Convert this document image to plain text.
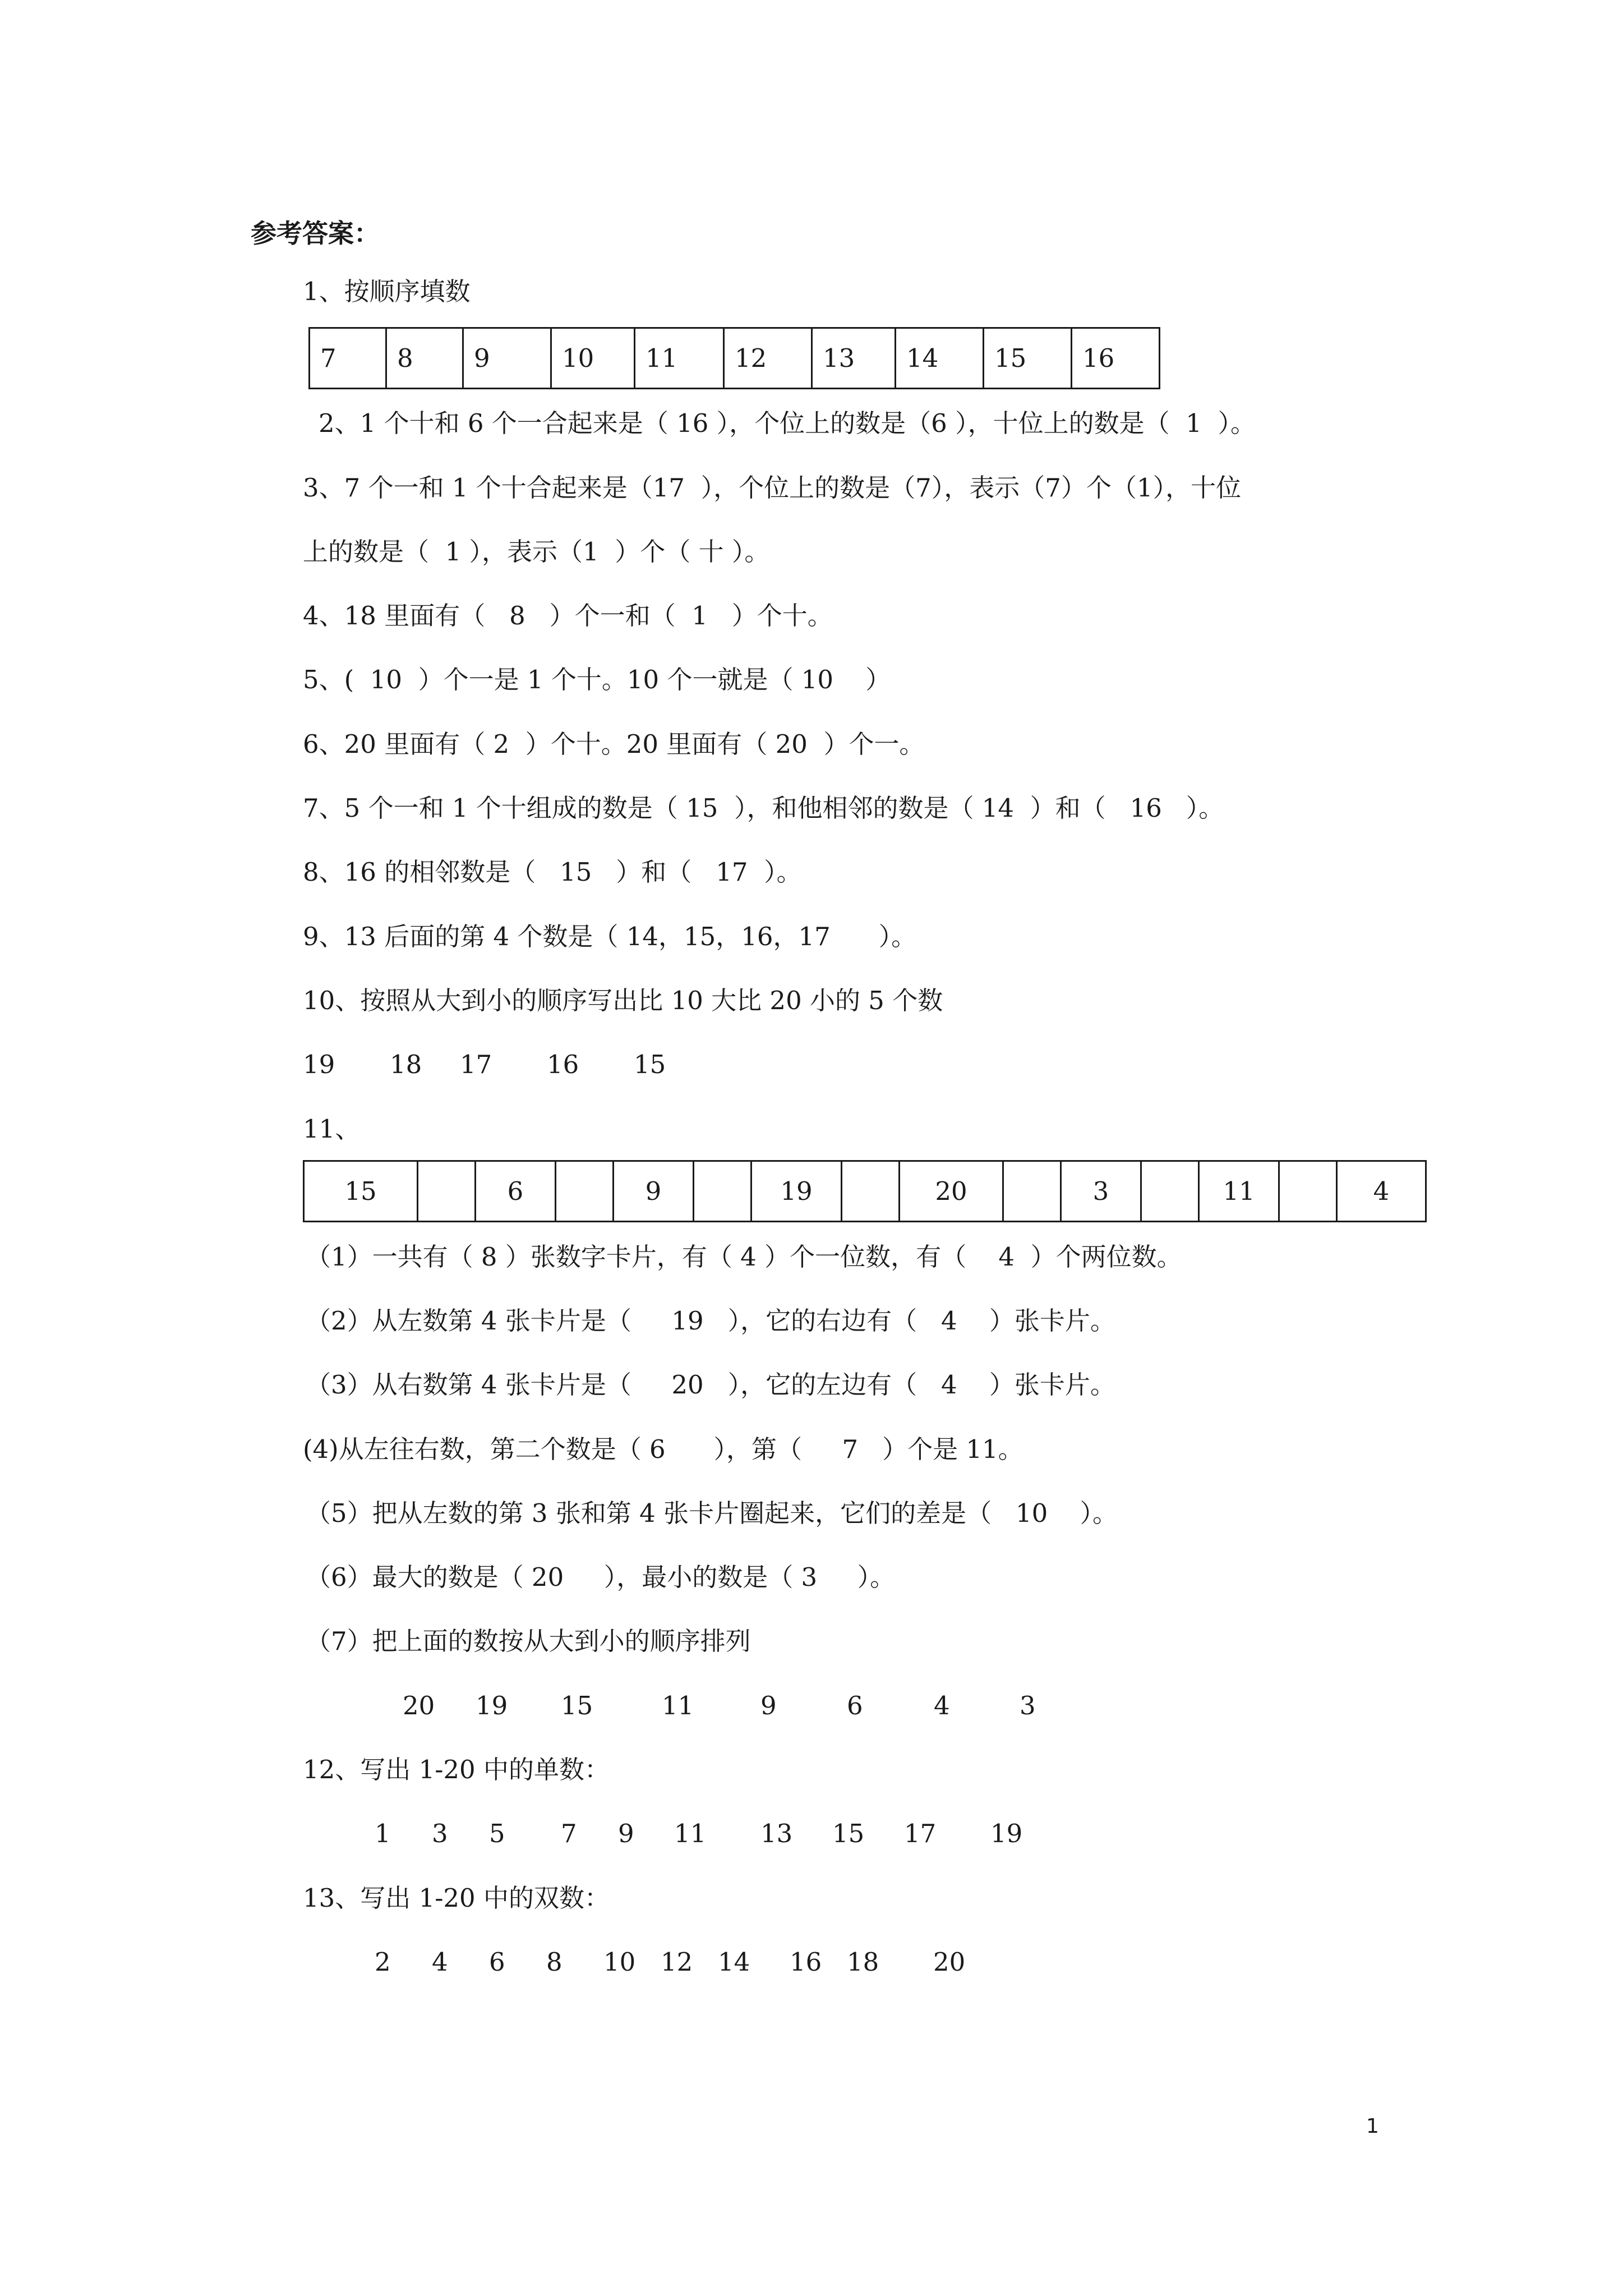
参考答案：
1、按顺序填数
7	8	9	10	11	12	13	14	15	16
2、1 个十和 6 个一合起来是（ 16 ），个位上的数是（6 ），十位上的数是（  1  ）。
3、7 个一和 1 个十合起来是（17  ），个位上的数是（7），表示（7）个（1），十位
上的数是（  1 ），表示（1  ）个（ 十 ）。
4、18 里面有（   8   ）个一和（  1   ）个十。
5、(  10  ）个一是 1 个十。10 个一就是（ 10    ）
6、20 里面有（ 2  ）个十。20 里面有（ 20  ）个一。
7、5 个一和 1 个十组成的数是（ 15  ），和他相邻的数是（ 14  ）和（   16   ）。
8、16 的相邻数是（   15   ）和（   17  ）。
9、13 后面的第 4 个数是（ 14，15，16，17      ）。
10、按照从大到小的顺序写出比 10 大比 20 小的 5 个数
19 18 17 16 15
11、
15		6		9		19		20		3		11		4
（1）一共有（ 8 ）张数字卡片，有（ 4 ）个一位数，有（    4  ）个两位数。
（2）从左数第 4 张卡片是（     19   ），它的右边有（   4    ）张卡片。
（3）从右数第 4 张卡片是（     20   ），它的左边有（   4    ）张卡片。
(4)从左往右数，第二个数是（ 6      ），第（     7   ）个是 11。
（5）把从左数的第 3 张和第 4 张卡片圈起来，它们的差是（   10    ）。
（6）最大的数是（ 20     ），最小的数是（ 3     ）。
（7）把上面的数按从大到小的顺序排列
20 19 15	11	9	6	4	3
12、写出 1-20 中的单数：
1 3 5 7 9 11 13 15 17 19
13、写出 1-20 中的双数：
2 4 6 8 10 12 14 16 18 20
1
